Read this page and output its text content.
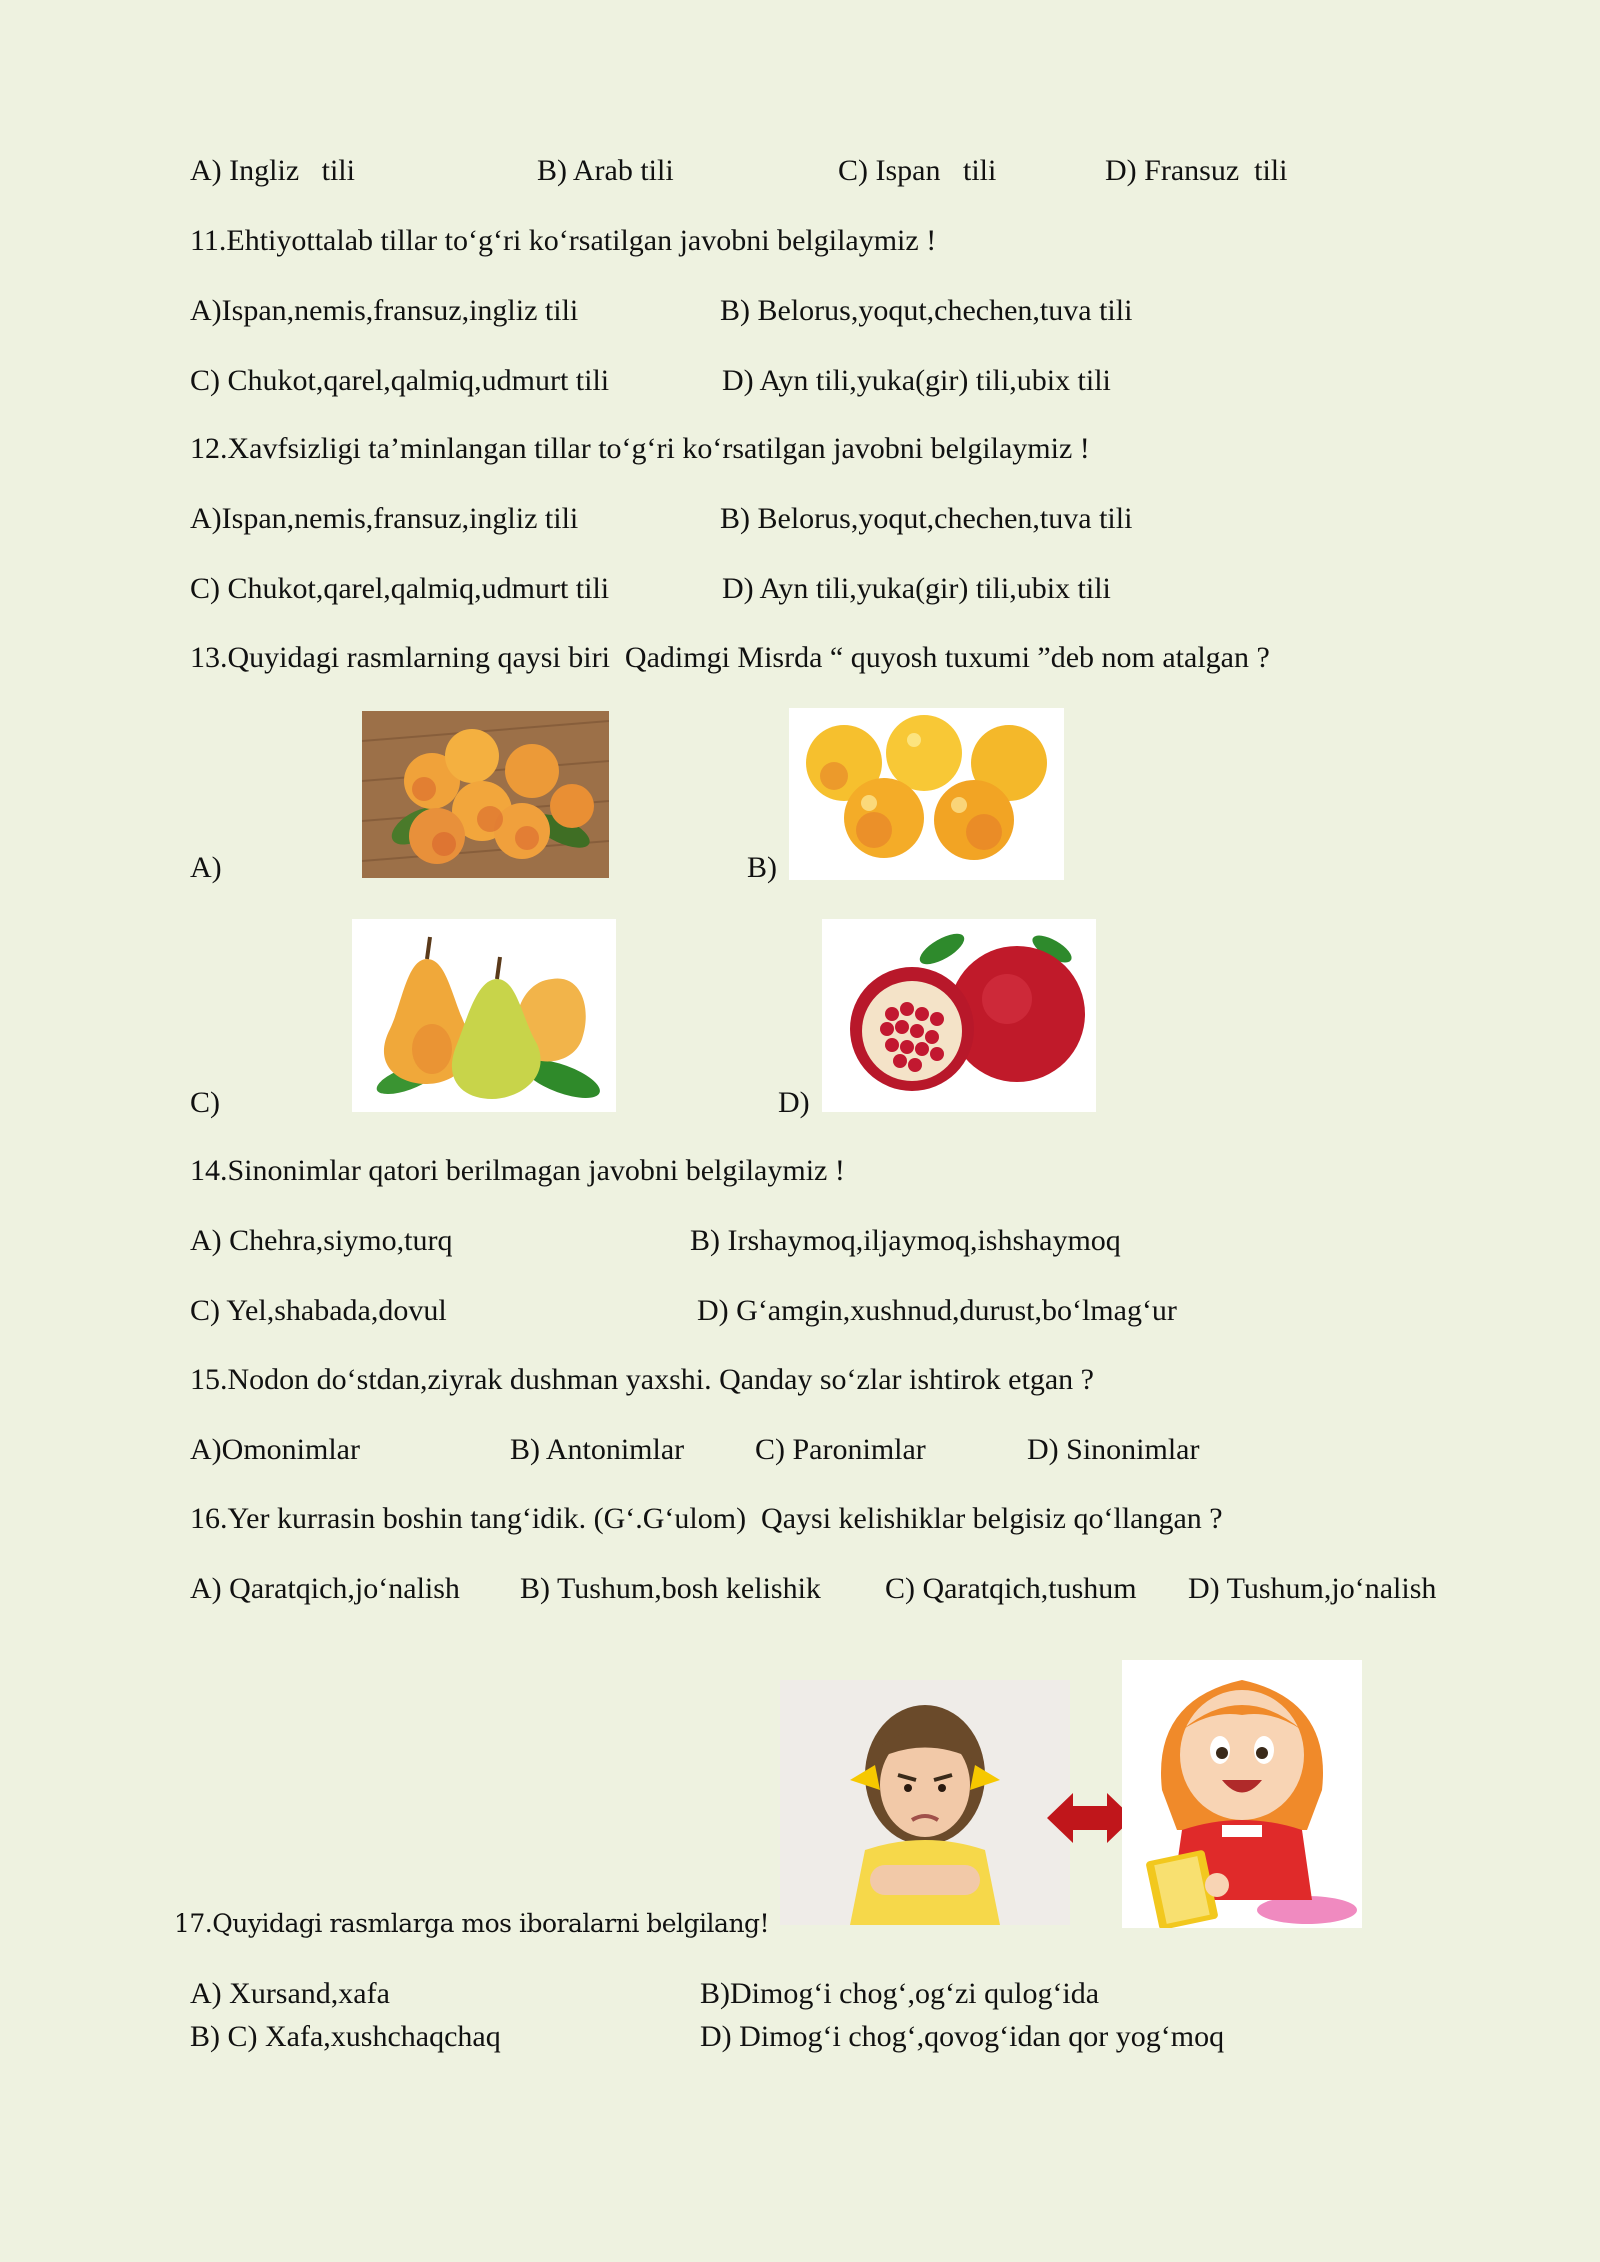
A) Ingliz   tili	B) Arab tili	C) Ispan   tili	D) Fransuz  tili
11.Ehtiyottalab tillar to‘g‘ri ko‘rsatilgan javobni belgilaymiz !
A)Ispan,nemis,fransuz,ingliz tili	B) Belorus,yoqut,chechen,tuva tili
C) Chukot,qarel,qalmiq,udmurt tili	D) Ayn tili,yuka(gir) tili,ubix tili
12.Xavfsizligi ta’minlangan tillar to‘g‘ri ko‘rsatilgan javobni belgilaymiz !
A)Ispan,nemis,fransuz,ingliz tili	B) Belorus,yoqut,chechen,tuva tili
C) Chukot,qarel,qalmiq,udmurt tili	D) Ayn tili,yuka(gir) tili,ubix tili
13.Quyidagi rasmlarning qaysi biri  Qadimgi Misrda “ quyosh tuxumi ”deb nom atalgan ?
A)	B)
C)	D)
14.Sinonimlar qatori berilmagan javobni belgilaymiz !
A) Chehra,siymo,turq	B) Irshaymoq,iljaymoq,ishshaymoq
C) Yel,shabada,dovul	D) G‘amgin,xushnud,durust,bo‘lmag‘ur
15.Nodon do‘stdan,ziyrak dushman yaxshi. Qanday so‘zlar ishtirok etgan ?
A)Omonimlar	B) Antonimlar C) Paronimlar	D) Sinonimlar
16.Yer kurrasin boshin tang‘idik. (G‘.G‘ulom)  Qaysi kelishiklar belgisiz qo‘llangan ?
A) Qaratqich,jo‘nalish B) Tushum,bosh kelishik C) Qaratqich,tushum D) Tushum,jo‘nalish
17.Quyidagi rasmlarga mos iboralarni belgilang!
A) Xursand,xafa	B)Dimog‘i chog‘,og‘zi qulog‘ida
B) C) Xafa,xushchaqchaq	D) Dimog‘i chog‘,qovog‘idan qor yog‘moq
